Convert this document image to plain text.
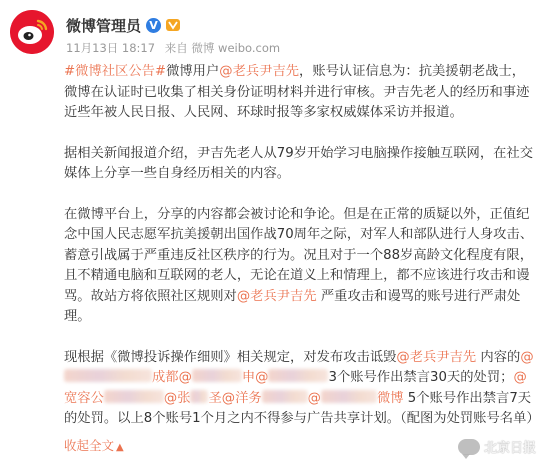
微博管理员 V
11月13日 18:17 来自 微博 weibo.com

#微博社区公告#微博用户@老兵尹吉先，账号认证信息为：抗美援朝老战士，微博在认证时已收集了相关身份证明材料并进行审核。尹吉先老人的经历和事迹近些年被人民日报、人民网、环球时报等多家权威媒体采访并报道。

据相关新闻报道介绍，尹吉先老人从79岁开始学习电脑操作接触互联网，在社交媒体上分享一些自身经历相关的内容。

在微博平台上，分享的内容都会被讨论和争论。但是在正常的质疑以外，正值纪念中国人民志愿军抗美援朝出国作战70周年之际，对军人和部队进行人身攻击、蓄意引战属于严重违反社区秩序的行为。况且对于一个88岁高龄文化程度有限，且不精通电脑和互联网的老人，无论在道义上和情理上，都不应该进行攻击和谩骂。故站方将依照社区规则对@老兵尹吉先 严重攻击和谩骂的账号进行严肃处理。

现根据《微博投诉操作细则》相关规定，对发布攻击诋毁@老兵尹吉先 内容的@成都@	申@	3个账号作出禁言30天的处罚；@宽容公	@张 圣@洋务	@	微博 5个账号作出禁言7天的处罚。以上8个账号1个月之内不得参与广告共享计划。（配图为处罚账号名单）

收起全文 ▲	北京日报
